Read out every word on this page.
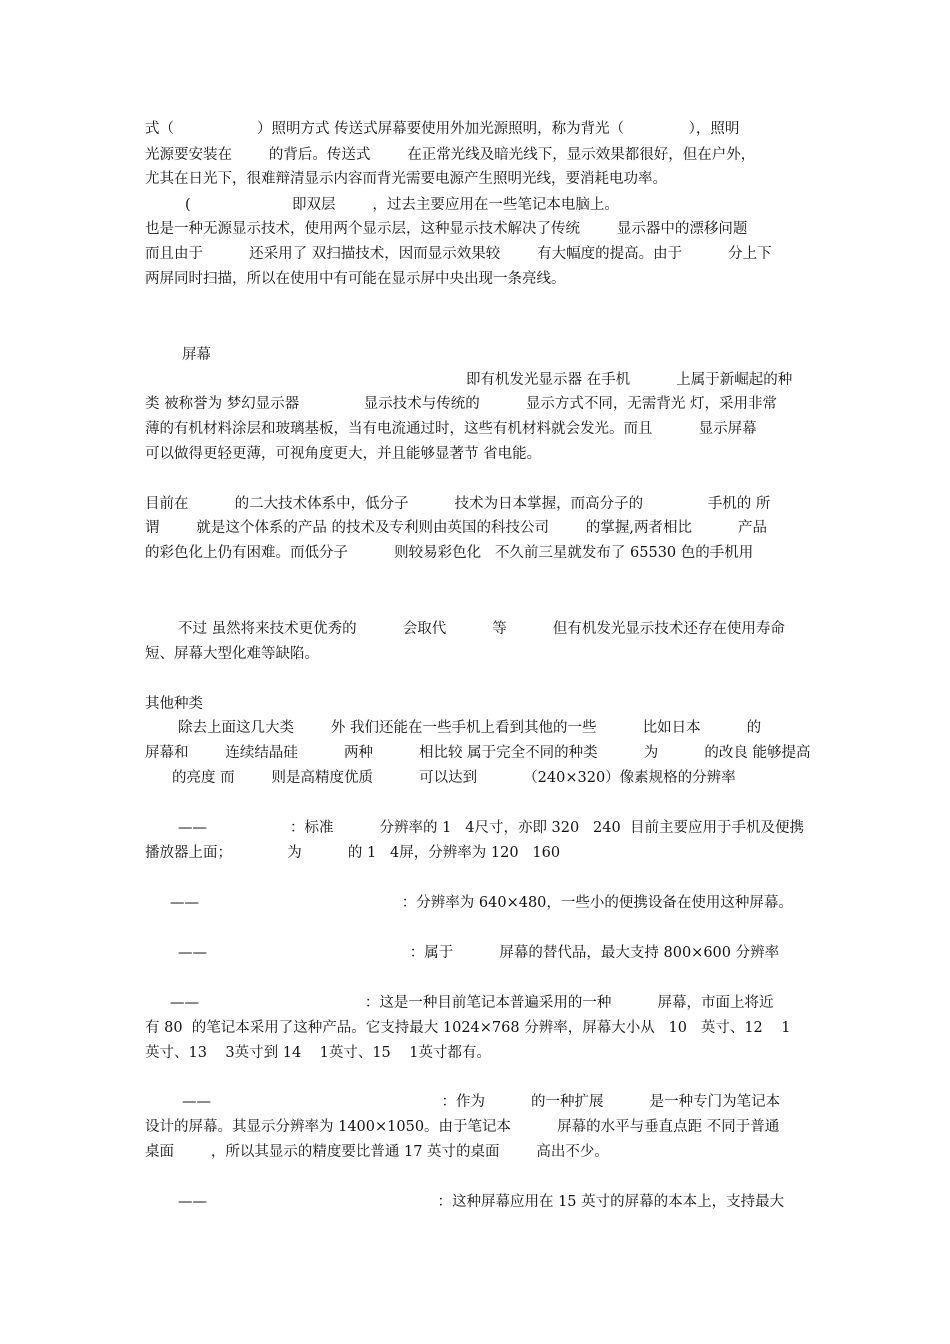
式（                  ）照明方式 传送式屏幕要使用外加光源照明，称为背光（              ），照明
光源要安装在        的背后。传送式        在正常光线及暗光线下，显示效果都很好，但在户外，
尤其在日光下，很难辩清显示内容而背光需要电源产生照明光线，要消耗电功率。
(                      即双层        ，过去主要应用在一些笔记本电脑上。
也是一种无源显示技术，使用两个显示层，这种显示技术解决了传统        显示器中的漂移问题
而且由于          还采用了 双扫描技术，因而显示效果较        有大幅度的提高。由于          分上下
两屏同时扫描，所以在使用中有可能在显示屏中央出现一条亮线。
屏幕
即有机发光显示器 在手机          上属于新崛起的种
类 被称誉为 梦幻显示器              显示技术与传统的          显示方式不同，无需背光 灯，采用非常
薄的有机材料涂层和玻璃基板，当有电流通过时，这些有机材料就会发光。而且          显示屏幕
可以做得更轻更薄，可视角度更大，并且能够显著节 省电能。
目前在          的二大技术体系中，低分子          技术为日本掌握，而高分子的              手机的 所
谓        就是这个体系的产品 的技术及专利则由英国的科技公司        的掌握,两者相比          产品
的彩色化上仍有困难。而低分子          则较易彩色化   不久前三星就发布了 65530 色的手机用
不过 虽然将来技术更优秀的          会取代          等          但有机发光显示技术还存在使用寿命
短、屏幕大型化难等缺陷。
其他种类
除去上面这几大类        外 我们还能在一些手机上看到其他的一些          比如日本          的
屏幕和        连续结晶硅          两种          相比较 属于完全不同的种类          为          的改良 能够提高
的亮度 而        则是高精度优质          可以达到          （240×320）像素规格的分辨率
——                  ：标准          分辨率的 1   4尺寸，亦即 320   240  目前主要应用于手机及便携
播放器上面；            为          的 1   4屏，分辨率为 120   160
——                                            ：分辨率为 640×480，一些小的便携设备在使用这种屏幕。
——                                            ：属于          屏幕的替代品，最大支持 800×600 分辨率
——                                    ：这是一种目前笔记本普遍采用的一种          屏幕，市面上将近
有 80  的笔记本采用了这种产品。它支持最大 1024×768 分辨率，屏幕大小从   10   英寸、12    1
英寸、13    3英寸到 14    1英寸、15    1英寸都有。
——                                                  ：作为          的一种扩展          是一种专门为笔记本
设计的屏幕。其显示分辨率为 1400×1050。由于笔记本          屏幕的水平与垂直点距 不同于普通
桌面        ，所以其显示的精度要比普通 17 英寸的桌面        高出不少。
——                                                  ：这种屏幕应用在 15 英寸的屏幕的本本上，支持最大
